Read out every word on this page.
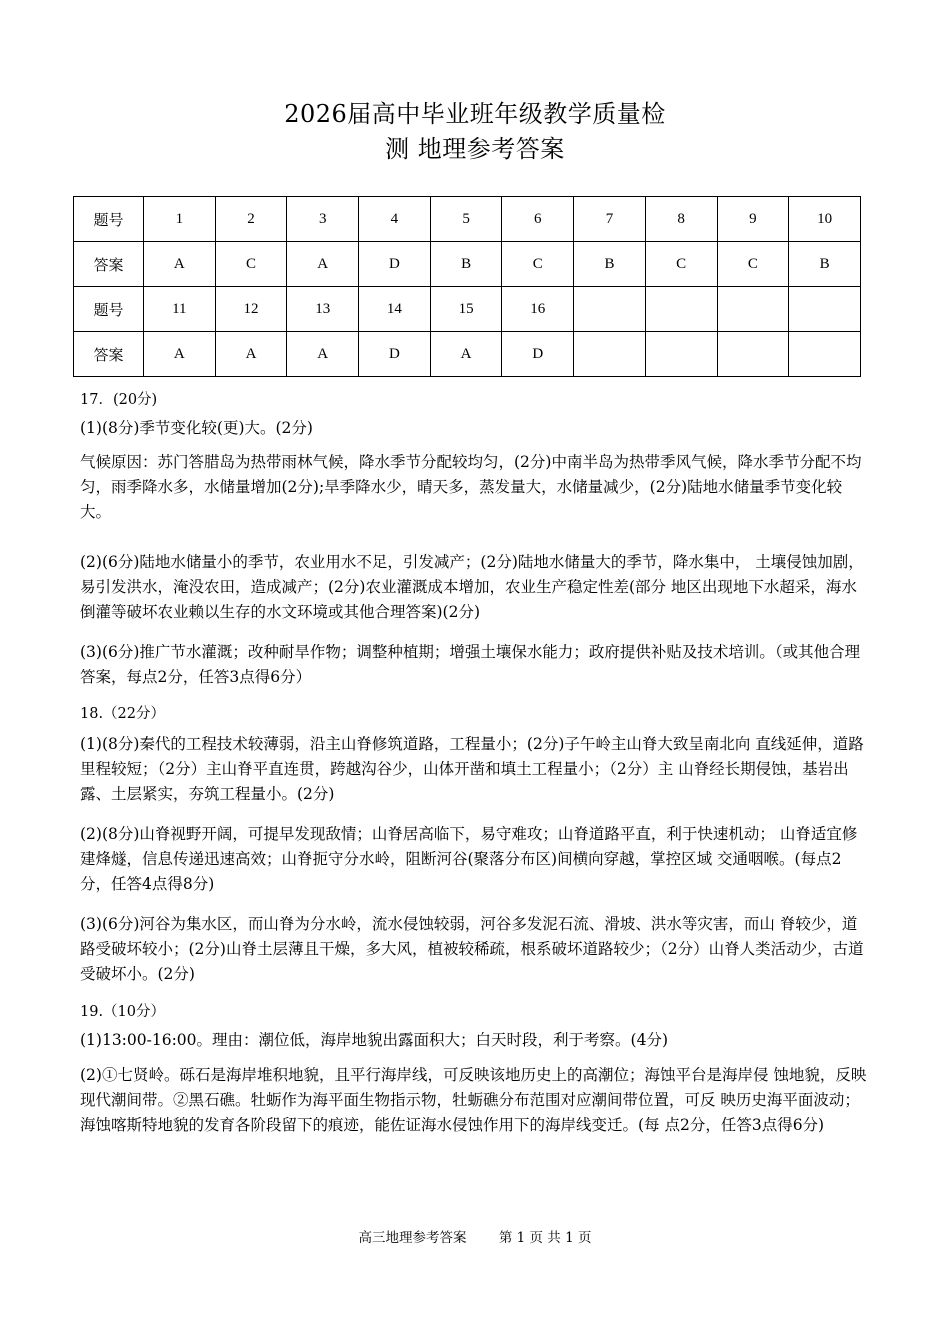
2026届高中毕业班年级教学质量检
测 地理参考答案
题号	1	2	3	4	5	6	7	8	9	10
答案	A	C	A	D	B	C	B	C	C	B
题号	11	12	13	14	15	16				
答案	A	A	A	D	A	D				
17．(20分)
(1)(8分)季节变化较(更)大。(2分)
气候原因：苏门答腊岛为热带雨林气候，降水季节分配较均匀，(2分)中南半岛为热带季风气候，降水季节分配不均匀，雨季降水多，水储量增加(2分);旱季降水少，晴天多，蒸发量大，水储量减少，(2分)陆地水储量季节变化较大。
(2)(6分)陆地水储量小的季节，农业用水不足，引发减产；(2分)陆地水储量大的季节，降水集中， 土壤侵蚀加剧，易引发洪水，淹没农田，造成减产；(2分)农业灌溉成本增加，农业生产稳定性差(部分 地区出现地下水超采，海水倒灌等破坏农业赖以生存的水文环境或其他合理答案)(2分)
(3)(6分)推广节水灌溉；改种耐旱作物；调整种植期；增强土壤保水能力；政府提供补贴及技术培训。（或其他合理答案，每点2分，任答3点得6分）
18.（22分）
(1)(8分)秦代的工程技术较薄弱，沿主山脊修筑道路，工程量小；(2分)子午岭主山脊大致呈南北向 直线延伸，道路里程较短；（2分）主山脊平直连贯，跨越沟谷少，山体开凿和填土工程量小；（2分）主 山脊经长期侵蚀，基岩出露、土层紧实，夯筑工程量小。(2分)
(2)(8分)山脊视野开阔，可提早发现敌情；山脊居高临下，易守难攻；山脊道路平直，利于快速机动； 山脊适宜修建烽燧，信息传递迅速高效；山脊扼守分水岭，阻断河谷(聚落分布区)间横向穿越，掌控区域 交通咽喉。(每点2分，任答4点得8分)
(3)(6分)河谷为集水区，而山脊为分水岭，流水侵蚀较弱，河谷多发泥石流、滑坡、洪水等灾害，而山 脊较少，道路受破坏较小；(2分)山脊土层薄且干燥，多大风，植被较稀疏，根系破坏道路较少；（2分）山脊人类活动少，古道受破坏小。(2分)
19.（10分）
(1)13:00-16:00。理由：潮位低，海岸地貌出露面积大；白天时段，利于考察。(4分)
(2)①七贤岭。砾石是海岸堆积地貌，且平行海岸线，可反映该地历史上的高潮位；海蚀平台是海岸侵 蚀地貌，反映现代潮间带。②黑石礁。牡蛎作为海平面生物指示物，牡蛎礁分布范围对应潮间带位置，可反 映历史海平面波动；海蚀喀斯特地貌的发育各阶段留下的痕迹，能佐证海水侵蚀作用下的海岸线变迁。(每 点2分，任答3点得6分)
高三地理参考答案 第 1 页 共 1 页
